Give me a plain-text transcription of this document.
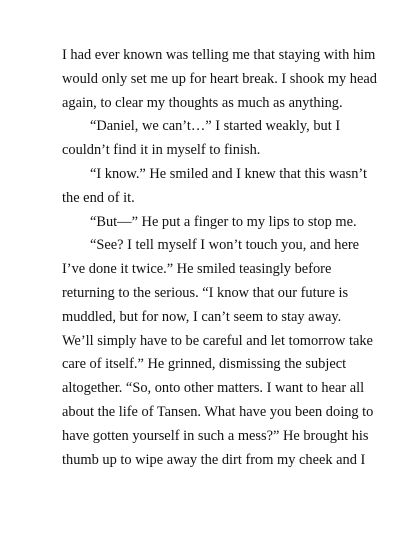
I had ever known was telling me that staying with him
would only set me up for heart break. I shook my head
again, to clear my thoughts as much as anything.
“Daniel, we can’t…” I started weakly, but I
couldn’t find it in myself to finish.
“I know.” He smiled and I knew that this wasn’t
the end of it.
“But—” He put a finger to my lips to stop me.
“See? I tell myself I won’t touch you, and here
I’ve done it twice.” He smiled teasingly before
returning to the serious. “I know that our future is
muddled, but for now, I can’t seem to stay away.
We’ll simply have to be careful and let tomorrow take
care of itself.” He grinned, dismissing the subject
altogether. “So, onto other matters. I want to hear all
about the life of Tansen. What have you been doing to
have gotten yourself in such a mess?” He brought his
thumb up to wipe away the dirt from my cheek and I
